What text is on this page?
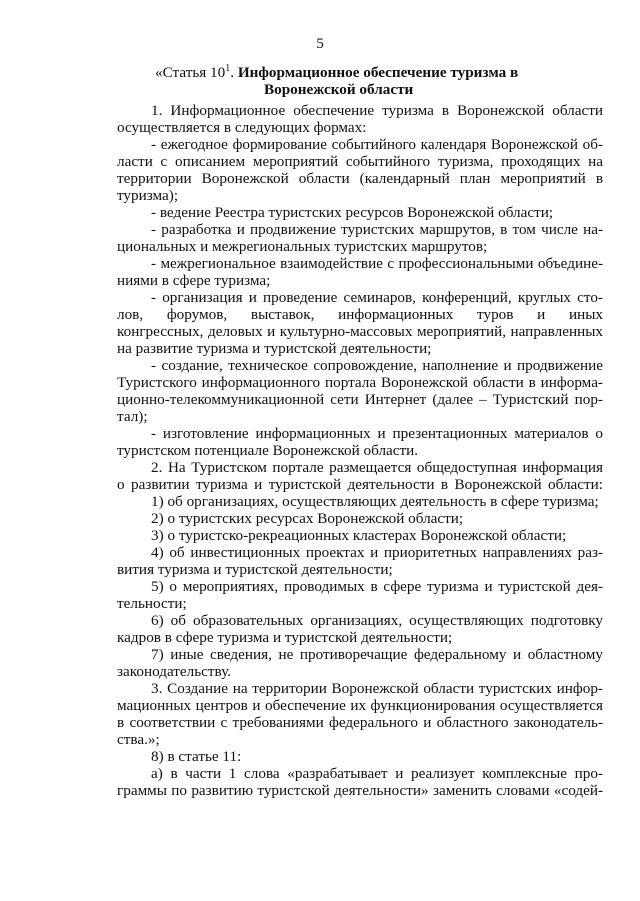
5
«Статья $10^1$. Информационное обеспечение туризма в
Воронежской области
1. Информационное обеспечение туризма в Воронежской области
осуществляется в следующих формах:
- ежегодное формирование событийного календаря Воронежской об-
ласти с описанием мероприятий событийного туризма, проходящих на
территории Воронежской области (календарный план мероприятий в
туризма);
- ведение Реестра туристских ресурсов Воронежской области;
- разработка и продвижение туристских маршрутов, в том числе на-
циональных и межрегиональных туристских маршрутов;
- межрегиональное взаимодействие с профессиональными объедине-
ниями в сфере туризма;
- организация и проведение семинаров, конференций, круглых сто-
лов, форумов, выставок, информационных туров и иных
конгрессных, деловых и культурно-массовых мероприятий, направленных
на развитие туризма и туристской деятельности;
- создание, техническое сопровождение, наполнение и продвижение
Туристского информационного портала Воронежской области в информа-
ционно-телекоммуникационной сети Интернет (далее – Туристский пор-
тал);
- изготовление информационных и презентационных материалов о
туристском потенциале Воронежской области.
2. На Туристском портале размещается общедоступная информация
о развитии туризма и туристской деятельности в Воронежской области:
1) об организациях, осуществляющих деятельность в сфере туризма;
2) о туристских ресурсах Воронежской области;
3) о туристско-рекреационных кластерах Воронежской области;
4) об инвестиционных проектах и приоритетных направлениях раз-
вития туризма и туристской деятельности;
5) о мероприятиях, проводимых в сфере туризма и туристской дея-
тельности;
6) об образовательных организациях, осуществляющих подготовку
кадров в сфере туризма и туристской деятельности;
7) иные сведения, не противоречащие федеральному и областному
законодательству.
3. Создание на территории Воронежской области туристских инфор-
мационных центров и обеспечение их функционирования осуществляется
в соответствии с требованиями федерального и областного законодатель-
ства.»;
8) в статье 11:
а) в части 1 слова «разрабатывает и реализует комплексные про-
граммы по развитию туристской деятельности» заменить словами «содей-
